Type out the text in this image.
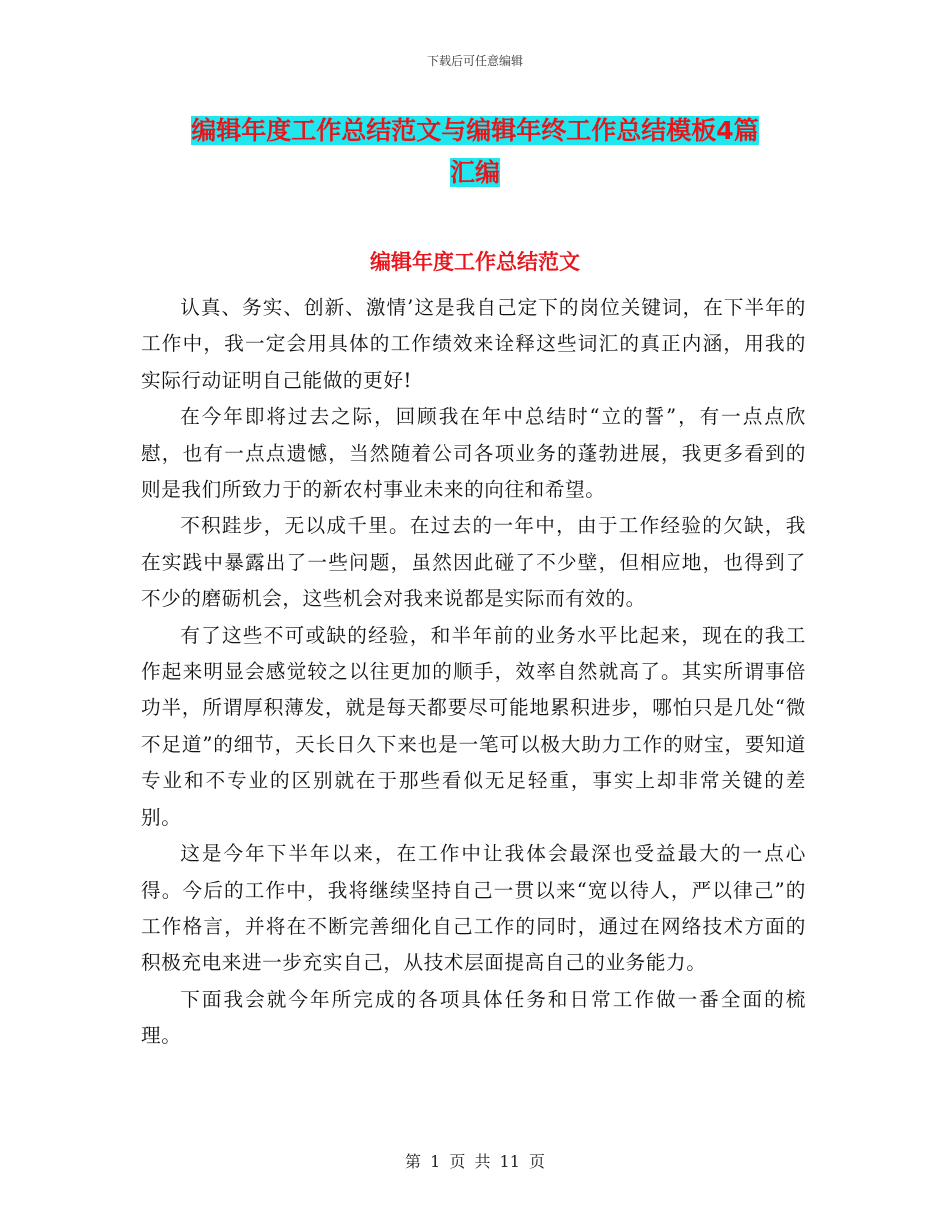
下载后可任意编辑
编辑年度工作总结范文与编辑年终工作总结模板4篇
汇编
编辑年度工作总结范文

认真、务实、创新、激情’这是我自己定下的岗位关键词，在下半年的工作中，我一定会用具体的工作绩效来诠释这些词汇的真正内涵，用我的实际行动证明自己能做的更好!

在今年即将过去之际，回顾我在年中总结时“立的誓”，有一点点欣慰，也有一点点遗憾，当然随着公司各项业务的蓬勃进展，我更多看到的则是我们所致力于的新农村事业未来的向往和希望。

不积跬步，无以成千里。在过去的一年中，由于工作经验的欠缺，我在实践中暴露出了一些问题，虽然因此碰了不少壁，但相应地，也得到了不少的磨砺机会，这些机会对我来说都是实际而有效的。

有了这些不可或缺的经验，和半年前的业务水平比起来，现在的我工作起来明显会感觉较之以往更加的顺手，效率自然就高了。其实所谓事倍功半，所谓厚积薄发，就是每天都要尽可能地累积进步，哪怕只是几处“微不足道”的细节，天长日久下来也是一笔可以极大助力工作的财宝，要知道专业和不专业的区别就在于那些看似无足轻重，事实上却非常关键的差别。

这是今年下半年以来，在工作中让我体会最深也受益最大的一点心得。今后的工作中，我将继续坚持自己一贯以来“宽以待人，严以律己”的工作格言，并将在不断完善细化自己工作的同时，通过在网络技术方面的积极充电来进一步充实自己，从技术层面提高自己的业务能力。

下面我会就今年所完成的各项具体任务和日常工作做一番全面的梳理。

第 1 页 共 11 页
